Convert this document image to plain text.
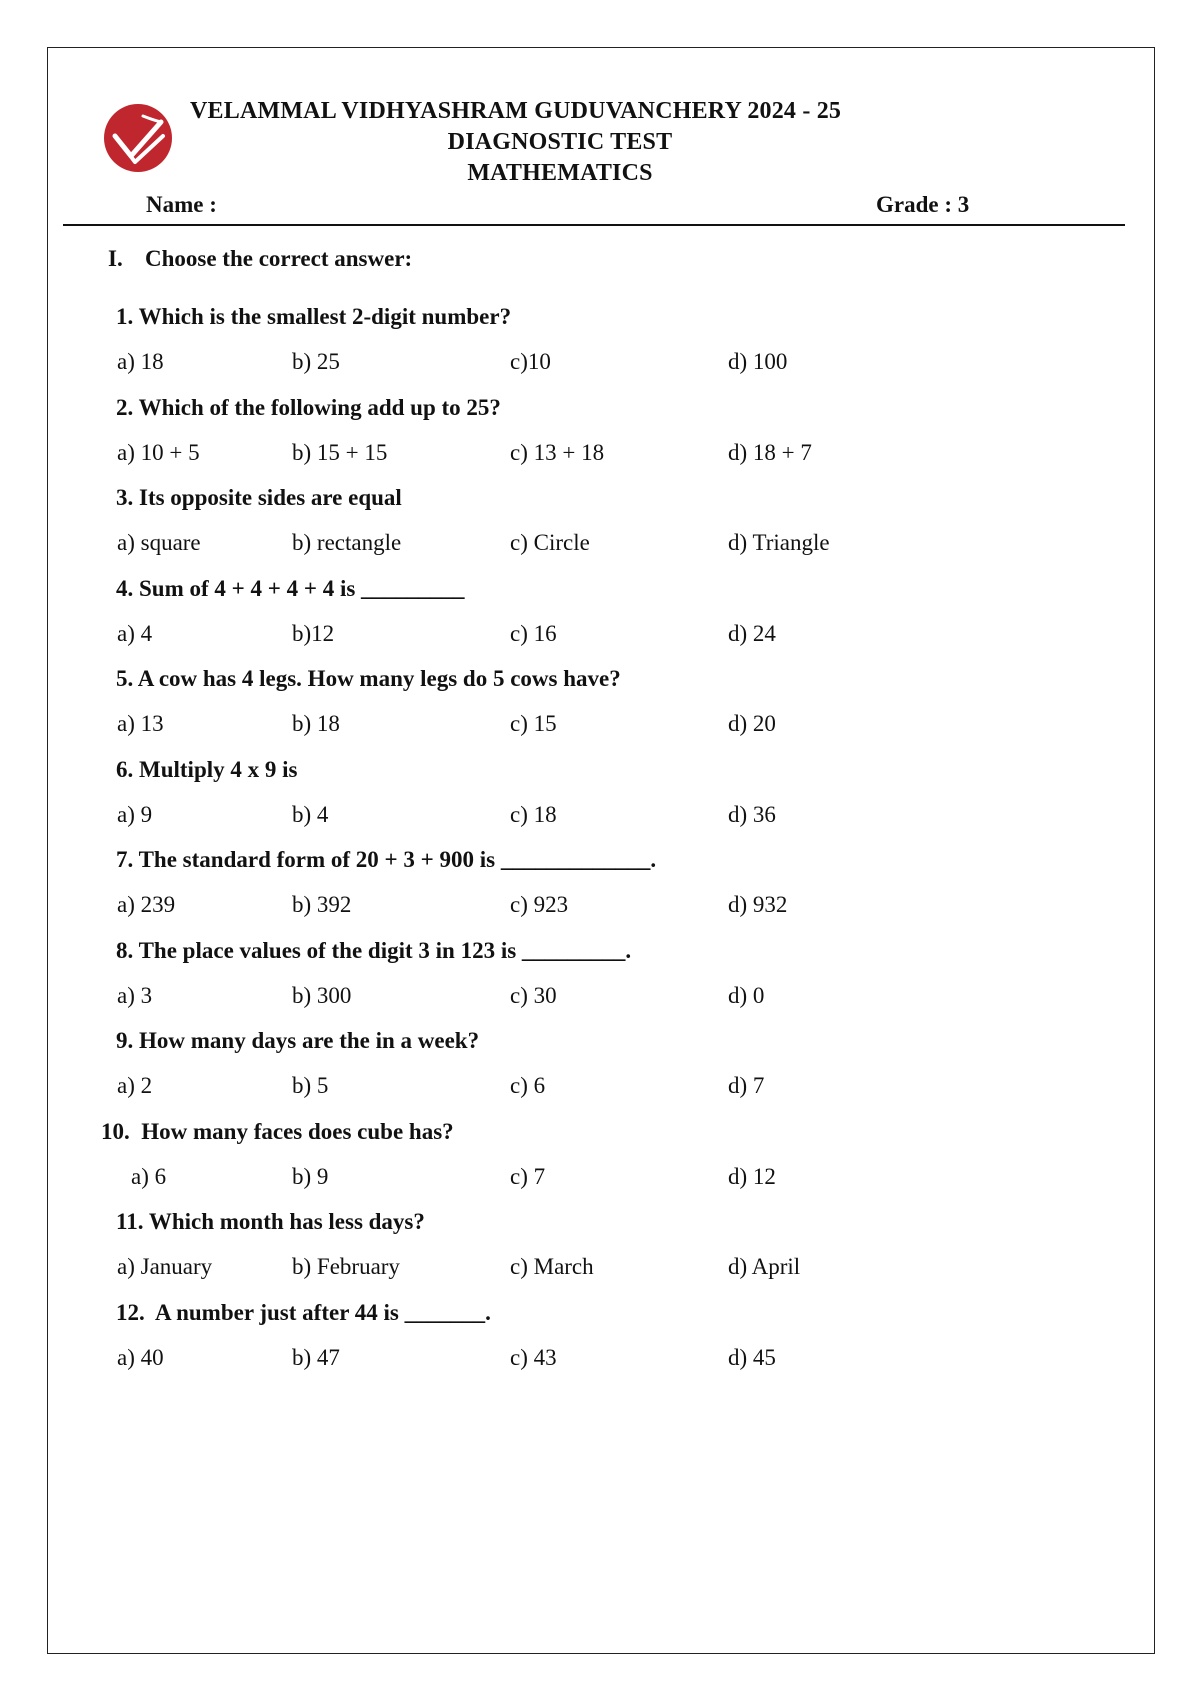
VELAMMAL VIDHYASHRAM GUDUVANCHERY 2024 - 25
DIAGNOSTIC TEST
MATHEMATICS
Name :	Grade : 3
I. Choose the correct answer:
1. Which is the smallest 2-digit number?
a) 18	b) 25	c)10	d) 100
2. Which of the following add up to 25?
a) 10 + 5	b) 15 + 15	c) 13 + 18	d) 18 + 7
3. Its opposite sides are equal
a) square	b) rectangle	c) Circle	d) Triangle
4. Sum of 4 + 4 + 4 + 4 is _________
a) 4	b)12	c) 16	d) 24
5. A cow has 4 legs. How many legs do 5 cows have?
a) 13	b) 18	c) 15	d) 20
6. Multiply 4 x 9 is
a) 9	b) 4	c) 18	d) 36
7. The standard form of 20 + 3 + 900 is _____________.
a) 239	b) 392	c) 923	d) 932
8. The place values of the digit 3 in 123 is _________.
a) 3	b) 300	c) 30	d) 0
9. How many days are the in a week?
a) 2	b) 5	c) 6	d) 7
10.  How many faces does cube has?
a) 6	b) 9	c) 7	d) 12
11. Which month has less days?
a) January	b) February	c) March	d) April
12.  A number just after 44 is _______.
a) 40	b) 47	c) 43	d) 45
